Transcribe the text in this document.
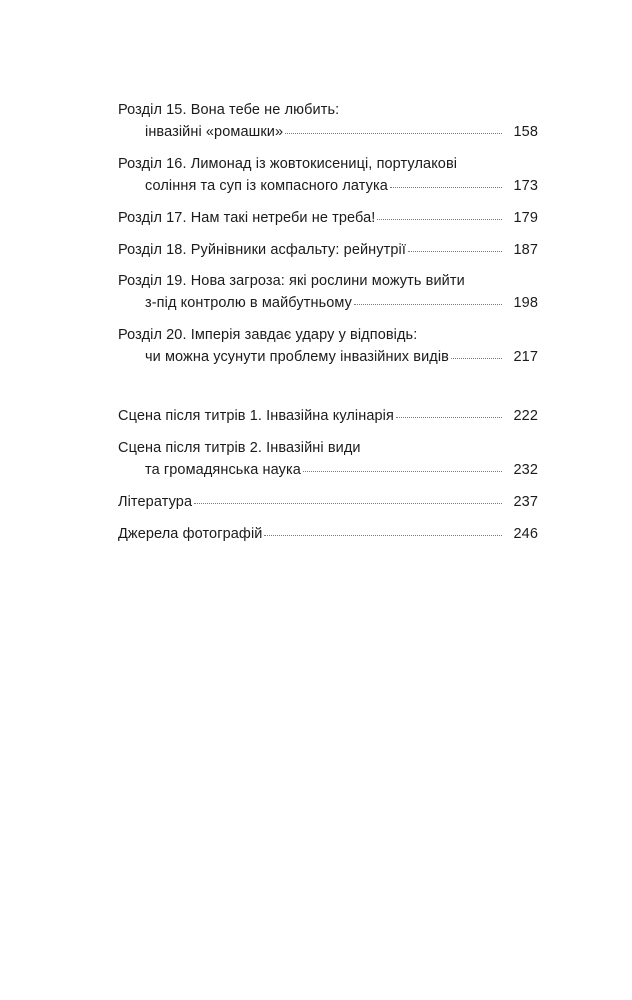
Розділ 15. Вона тебе не любить:
інвазійні «ромашки»	158
Розділ 16. Лимонад із жовтокисениці, портулакові
соління та суп із компасного латука	173
Розділ 17. Нам такі нетреби не треба!	179
Розділ 18. Руйнівники асфальту: рейнутрії	187
Розділ 19. Нова загроза: які рослини можуть вийти
з-під контролю в майбутньому	198
Розділ 20. Імперія завдає удару у відповідь:
чи можна усунути проблему інвазійних видів	217
Сцена після титрів 1. Інвазійна кулінарія	222
Сцена після титрів 2. Інвазійні види
та громадянська наука	232
Література	237
Джерела фотографій	246
